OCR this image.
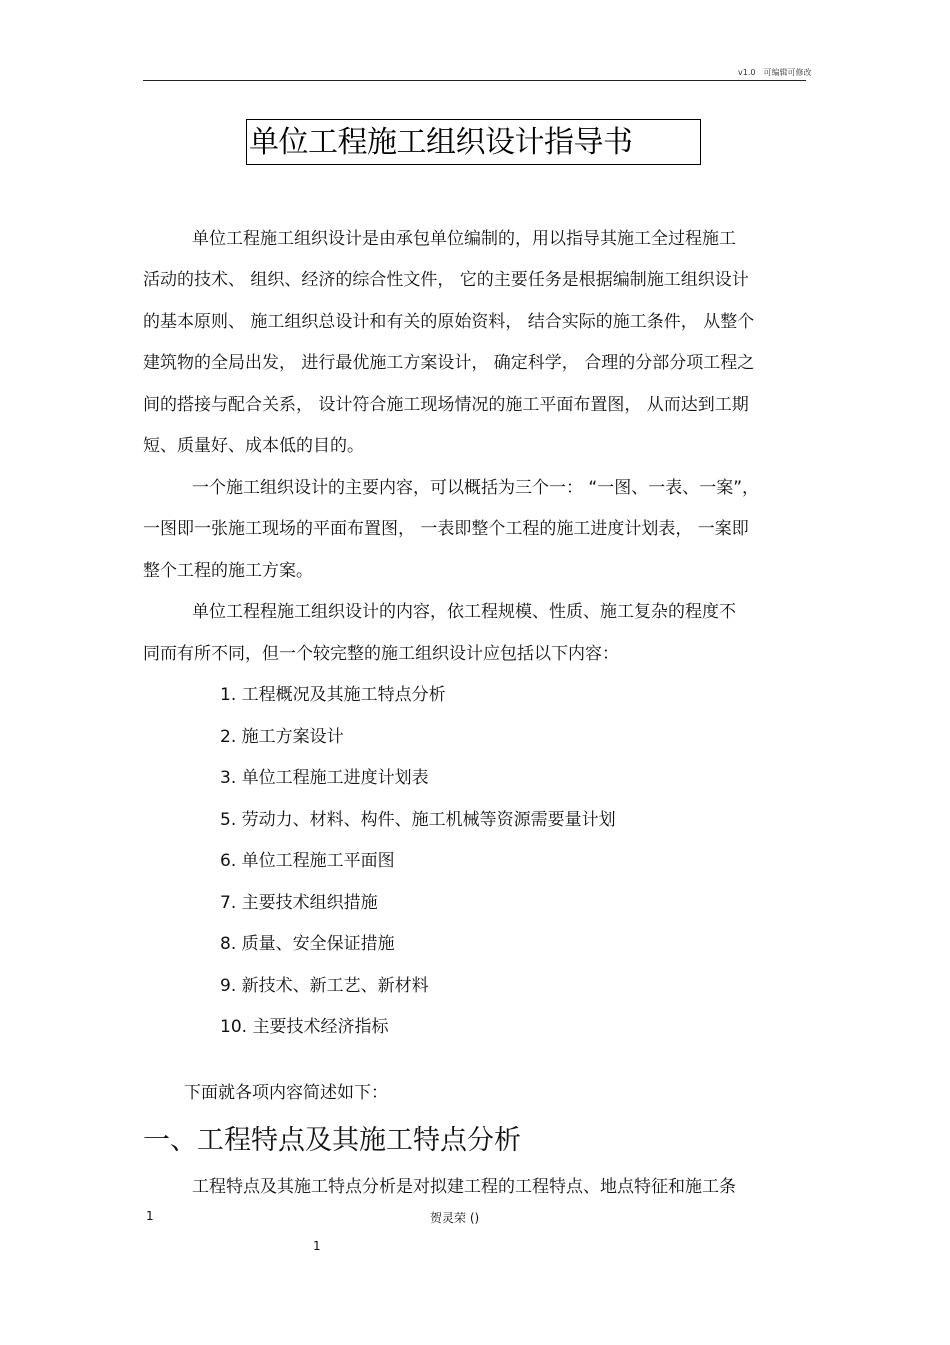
v1.0　可编辑可修改
单位工程施工组织设计指导书
单位工程施工组织设计是由承包单位编制的，用以指导其施工全过程施工
活动的技术、 组织、经济的综合性文件， 它的主要任务是根据编制施工组织设计
的基本原则、 施工组织总设计和有关的原始资料， 结合实际的施工条件， 从整个
建筑物的全局出发， 进行最优施工方案设计， 确定科学， 合理的分部分项工程之
间的搭接与配合关系， 设计符合施工现场情况的施工平面布置图， 从而达到工期
短、质量好、成本低的目的。
一个施工组织设计的主要内容，可以概括为三个一： “一图、一表、一案”，
一图即一张施工现场的平面布置图， 一表即整个工程的施工进度计划表， 一案即
整个工程的施工方案。
单位工程程施工组织设计的内容，依工程规模、性质、施工复杂的程度不
同而有所不同，但一个较完整的施工组织设计应包括以下内容：
1. 工程概况及其施工特点分析
2. 施工方案设计
3. 单位工程施工进度计划表
5. 劳动力、材料、构件、施工机械等资源需要量计划
6. 单位工程施工平面图
7. 主要技术组织措施
8. 质量、安全保证措施
9. 新技术、新工艺、新材料
10. 主要技术经济指标
下面就各项内容简述如下：
一、工程特点及其施工特点分析
工程特点及其施工特点分析是对拟建工程的工程特点、地点特征和施工条
1	贺灵荣 ()
1
